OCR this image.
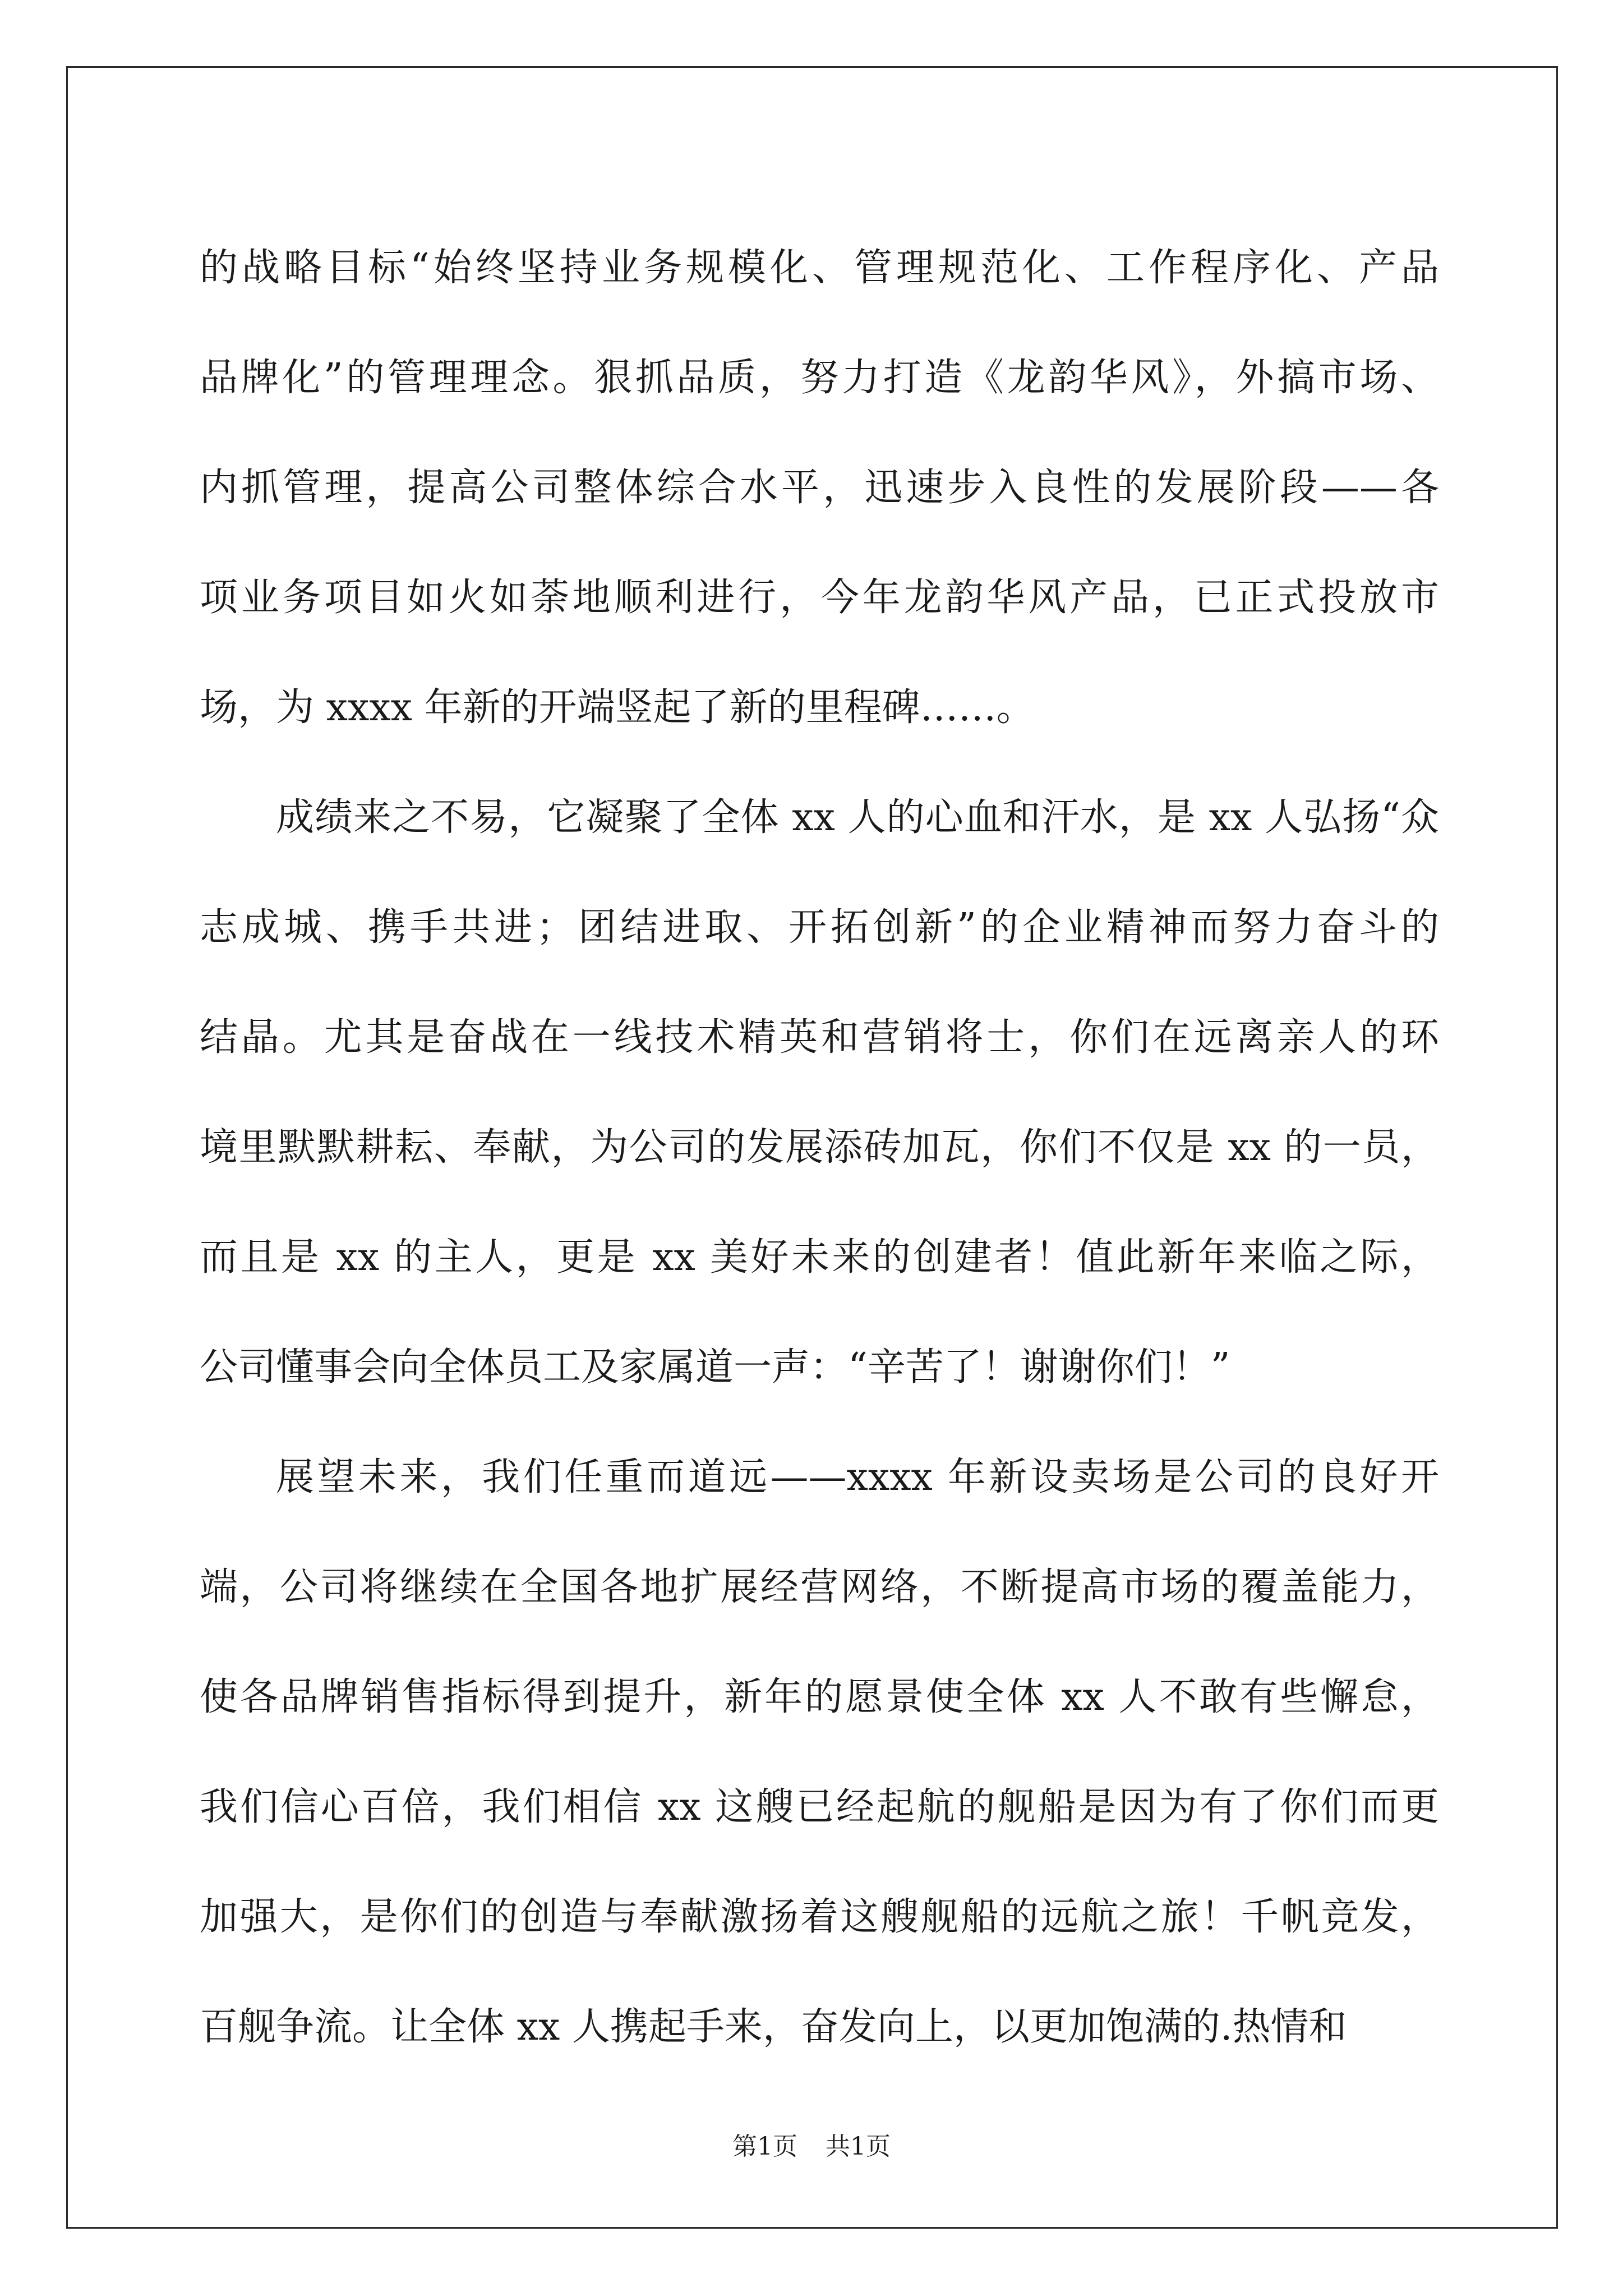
的战略目标“始终坚持业务规模化、管理规范化、工作程序化、产品
品牌化”的管理理念。狠抓品质，努力打造《龙韵华风》，外搞市场、
内抓管理，提高公司整体综合水平，迅速步入良性的发展阶段——各
项业务项目如火如荼地顺利进行，今年龙韵华风产品，已正式投放市
场，为 xxxx 年新的开端竖起了新的里程碑……。
成绩来之不易，它凝聚了全体 xx 人的心血和汗水，是 xx 人弘扬“众
志成城、携手共进；团结进取、开拓创新”的企业精神而努力奋斗的
结晶。尤其是奋战在一线技术精英和营销将士，你们在远离亲人的环
境里默默耕耘、奉献，为公司的发展添砖加瓦，你们不仅是 xx 的一员，
而且是 xx 的主人，更是 xx 美好未来的创建者！值此新年来临之际，
公司懂事会向全体员工及家属道一声：“辛苦了！谢谢你们！”
展望未来，我们任重而道远——xxxx 年新设卖场是公司的良好开
端，公司将继续在全国各地扩展经营网络，不断提高市场的覆盖能力，
使各品牌销售指标得到提升，新年的愿景使全体 xx 人不敢有些懈怠，
我们信心百倍，我们相信 xx 这艘已经起航的舰船是因为有了你们而更
加强大，是你们的创造与奉献激扬着这艘舰船的远航之旅！千帆竞发，
百舰争流。让全体 xx 人携起手来，奋发向上，以更加饱满的.热情和
第1页 共1页
